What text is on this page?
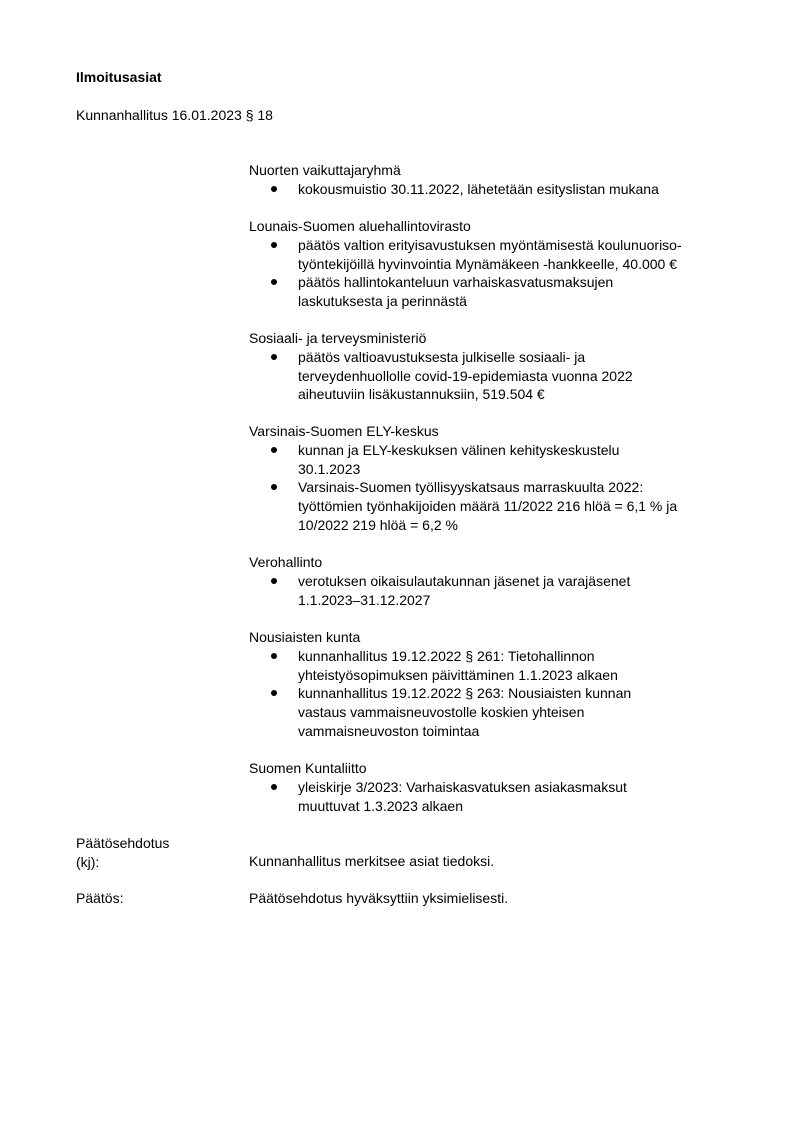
Ilmoitusasiat
Kunnanhallitus 16.01.2023 § 18
Nuorten vaikuttajaryhmä
kokousmuistio 30.11.2022, lähetetään esityslistan mukana
Lounais-Suomen aluehallintovirasto
päätös valtion erityisavustuksen myöntämisestä koulunuoriso-
työntekijöillä hyvinvointia Mynämäkeen -hankkeelle, 40.000 €
päätös hallintokanteluun varhaiskasvatusmaksujen
laskutuksesta ja perinnästä
Sosiaali- ja terveysministeriö
päätös valtioavustuksesta julkiselle sosiaali- ja
terveydenhuollolle covid-19-epidemiasta vuonna 2022
aiheutuviin lisäkustannuksiin, 519.504 €
Varsinais-Suomen ELY-keskus
kunnan ja ELY-keskuksen välinen kehityskeskustelu
30.1.2023
Varsinais-Suomen työllisyyskatsaus marraskuulta 2022:
työttömien työnhakijoiden määrä 11/2022 216 hlöä = 6,1 % ja
10/2022 219 hlöä = 6,2 %
Verohallinto
verotuksen oikaisulautakunnan jäsenet ja varajäsenet
1.1.2023–31.12.2027
Nousiaisten kunta
kunnanhallitus 19.12.2022 § 261: Tietohallinnon
yhteistyösopimuksen päivittäminen 1.1.2023 alkaen
kunnanhallitus 19.12.2022 § 263: Nousiaisten kunnan
vastaus vammaisneuvostolle koskien yhteisen
vammaisneuvoston toimintaa
Suomen Kuntaliitto
yleiskirje 3/2023: Varhaiskasvatuksen asiakasmaksut
muuttuvat 1.3.2023 alkaen
Päätösehdotus
(kj):	Kunnanhallitus merkitsee asiat tiedoksi.
Päätös:	Päätösehdotus hyväksyttiin yksimielisesti.
